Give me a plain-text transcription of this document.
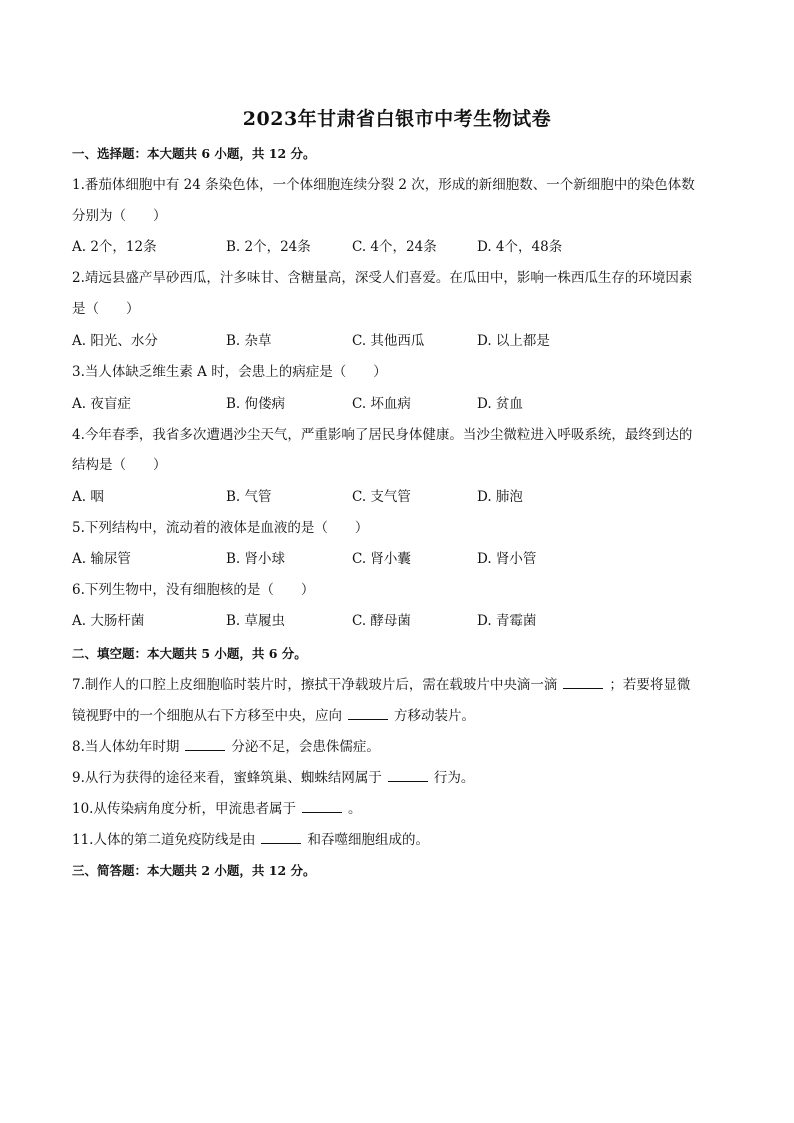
2023年甘肃省白银市中考生物试卷
一、选择题：本大题共 6 小题，共 12 分。
1.番茄体细胞中有 24 条染色体，一个体细胞连续分裂 2 次，形成的新细胞数、一个新细胞中的染色体数
分别为（　　）
A. 2个，12条	B. 2个，24条	C. 4个，24条	D. 4个，48条
2.靖远县盛产旱砂西瓜，汁多味甘、含糖量高，深受人们喜爱。在瓜田中，影响一株西瓜生存的环境因素
是（　　）
A. 阳光、水分	B. 杂草	C. 其他西瓜	D. 以上都是
3.当人体缺乏维生素 A 时，会患上的病症是（　　）
A. 夜盲症	B. 佝偻病	C. 坏血病	D. 贫血
4.今年春季，我省多次遭遇沙尘天气，严重影响了居民身体健康。当沙尘微粒进入呼吸系统，最终到达的
结构是（　　）
A. 咽	B. 气管	C. 支气管	D. 肺泡
5.下列结构中，流动着的液体是血液的是（　　）
A. 输尿管	B. 肾小球	C. 肾小囊	D. 肾小管
6.下列生物中，没有细胞核的是（　　）
A. 大肠杆菌	B. 草履虫	C. 酵母菌	D. 青霉菌
二、填空题：本大题共 5 小题，共 6 分。
7.制作人的口腔上皮细胞临时装片时，擦拭干净载玻片后，需在载玻片中央滴一滴	；若要将显微
镜视野中的一个细胞从右下方移至中央，应向	方移动装片。
8.当人体幼年时期	分泌不足，会患侏儒症。
9.从行为获得的途径来看，蜜蜂筑巢、蜘蛛结网属于	行为。
10.从传染病角度分析，甲流患者属于	。
11.人体的第二道免疫防线是由	和吞噬细胞组成的。
三、简答题：本大题共 2 小题，共 12 分。
